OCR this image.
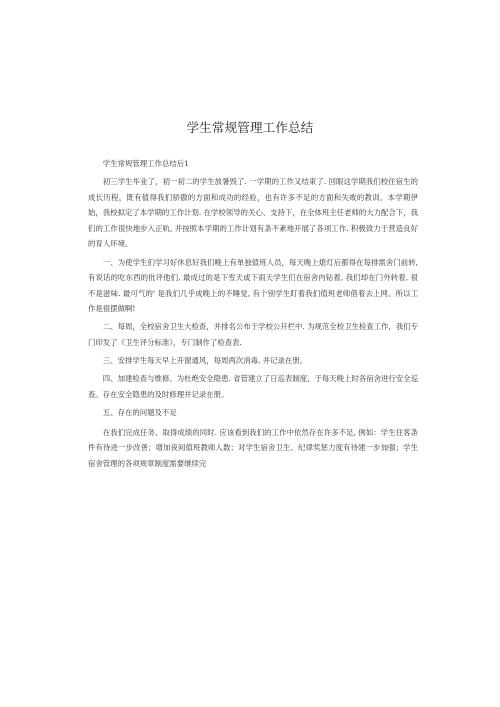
学生常规管理工作总结

学生常规管理工作总结后1

初三学生毕业了，初一初二的学生放暑毁了. 一学期的工作又结束了. 回眼这学期我们校住宿生的成长历程，既有值得我们骄傲的方面和成功的经验，也有许多不足的方面和失败的教训。本学期伊始，我校拟定了本学期的工作计划. 在学校领导的关心、支持下，在全体班主任老师的大力配合下，我们的工作很快地步入正轨, 并按照本学期的工作计划有条不紊地开展了各项工作. 积极致力于营造良好的育人环境。

一、为使学生们学习好休息好我们晚上有单独值班人员，每天晚上熄灯后都得在每排需舍门前转, 有说话的吃东西的批评他们, 最成过的是下雪天或下雨天学生们在宿舍内钻着, 我们却在门外转着, 很不是滋味. 最可气的' 是我们几乎成晚上的不睡觉, 有个别学生盯着我们值班老师借着去上网。所以工作是很摆做啊!

二、每周，全校宿舍卫生大检查，并排名公布于学校公开栏中. 为规范全校卫生检查工作，我们专门印发了《卫生评分标准》，专门制作了检查表.

三、安排学生每天早上开窗通风，每周两次消毒, 并记录在册。

四、加建检查与维修。为杜绝安全隐患. 省管建立了日巡表制度，于每天晚上时各宿舍进行安全巡查。存在安全隐患的及时修理并记录在册。

五、存在的问题及不足

在我们完成任务、取得成绩的同时. 应该看到我们的工作中依然存在许多不足, 例如：学生住客条件有待进一步改善；增加夜间值班教师人数；对学生宿舍卫生、纪律奖惩力度有待建一步加强；学生宿舍管理的各项规章制度需要继续完
